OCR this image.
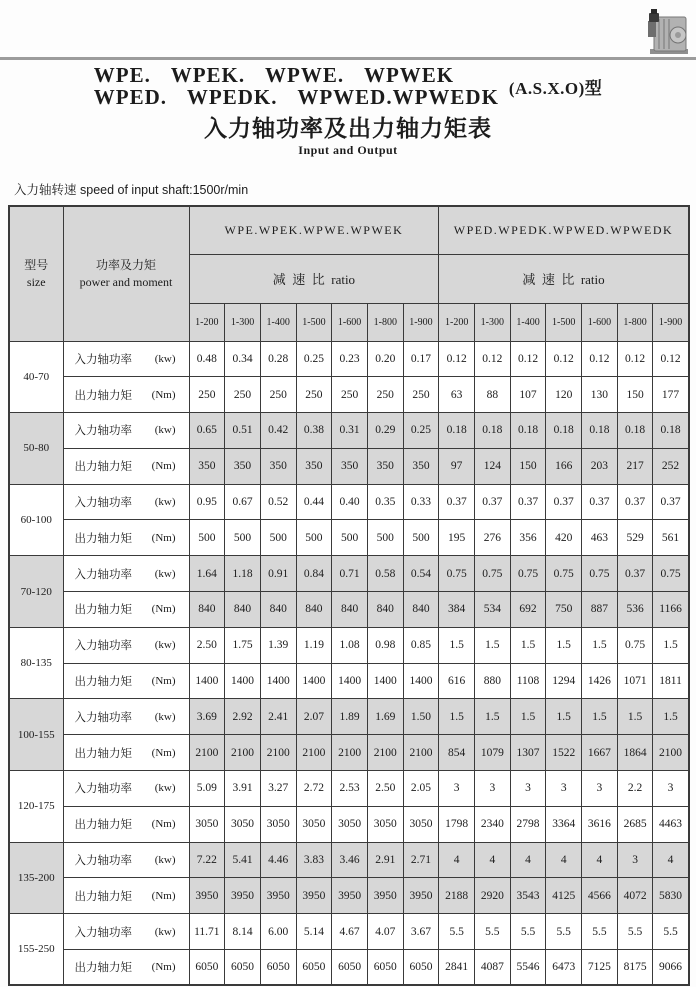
WPE. WPEK. WPWE. WPWEK
WPED. WPEDK. WPWED.WPWEDK (A.S.X.O)型
入力轴功率及出力轴力矩表
Input and Output
入力轴转速 speed of input shaft:1500r/min
型号
size

功率及力矩
power and moment
	WPE.WPEK.WPWE.WPWEK	WPED.WPEDK.WPWED.WPWEDK
		减  速  比  ratio							减  速  比  ratio						
		1-200	1-300	1-400	1-500	1-600	1-800	1-900	1-200	1-300	1-400	1-500	1-600	1-800	1-900
40-70	入力轴功率 (kw)	0.48	0.34	0.28	0.25	0.23	0.20	0.17	0.12	0.12	0.12	0.12	0.12	0.12	0.12

	出力轴力矩 (Nm)	250	250	250	250	250	250	250	63	88	107	120	130	150	177
50-80	入力轴功率 (kw)	0.65	0.51	0.42	0.38	0.31	0.29	0.25	0.18	0.18	0.18	0.18	0.18	0.18	0.18

	出力轴力矩 (Nm)	350	350	350	350	350	350	350	97	124	150	166	203	217	252
60-100	入力轴功率 (kw)	0.95	0.67	0.52	0.44	0.40	0.35	0.33	0.37	0.37	0.37	0.37	0.37	0.37	0.37

	出力轴力矩 (Nm)	500	500	500	500	500	500	500	195	276	356	420	463	529	561
70-120	入力轴功率 (kw)	1.64	1.18	0.91	0.84	0.71	0.58	0.54	0.75	0.75	0.75	0.75	0.75	0.37	0.75

	出力轴力矩 (Nm)	840	840	840	840	840	840	840	384	534	692	750	887	536	1166
80-135	入力轴功率 (kw)	2.50	1.75	1.39	1.19	1.08	0.98	0.85	1.5	1.5	1.5	1.5	1.5	0.75	1.5

	出力轴力矩 (Nm)	1400	1400	1400	1400	1400	1400	1400	616	880	1108	1294	1426	1071	1811
100-155	入力轴功率 (kw)	3.69	2.92	2.41	2.07	1.89	1.69	1.50	1.5	1.5	1.5	1.5	1.5	1.5	1.5

	出力轴力矩 (Nm)	2100	2100	2100	2100	2100	2100	2100	854	1079	1307	1522	1667	1864	2100
120-175	入力轴功率 (kw)	5.09	3.91	3.27	2.72	2.53	2.50	2.05	3	3	3	3	3	2.2	3

	出力轴力矩 (Nm)	3050	3050	3050	3050	3050	3050	3050	1798	2340	2798	3364	3616	2685	4463
135-200	入力轴功率 (kw)	7.22	5.41	4.46	3.83	3.46	2.91	2.71	4	4	4	4	4	3	4

	出力轴力矩 (Nm)	3950	3950	3950	3950	3950	3950	3950	2188	2920	3543	4125	4566	4072	5830
155-250	入力轴功率 (kw)	11.71	8.14	6.00	5.14	4.67	4.07	3.67	5.5	5.5	5.5	5.5	5.5	5.5	5.5

	出力轴力矩 (Nm)	6050	6050	6050	6050	6050	6050	6050	2841	4087	5546	6473	7125	8175	9066
